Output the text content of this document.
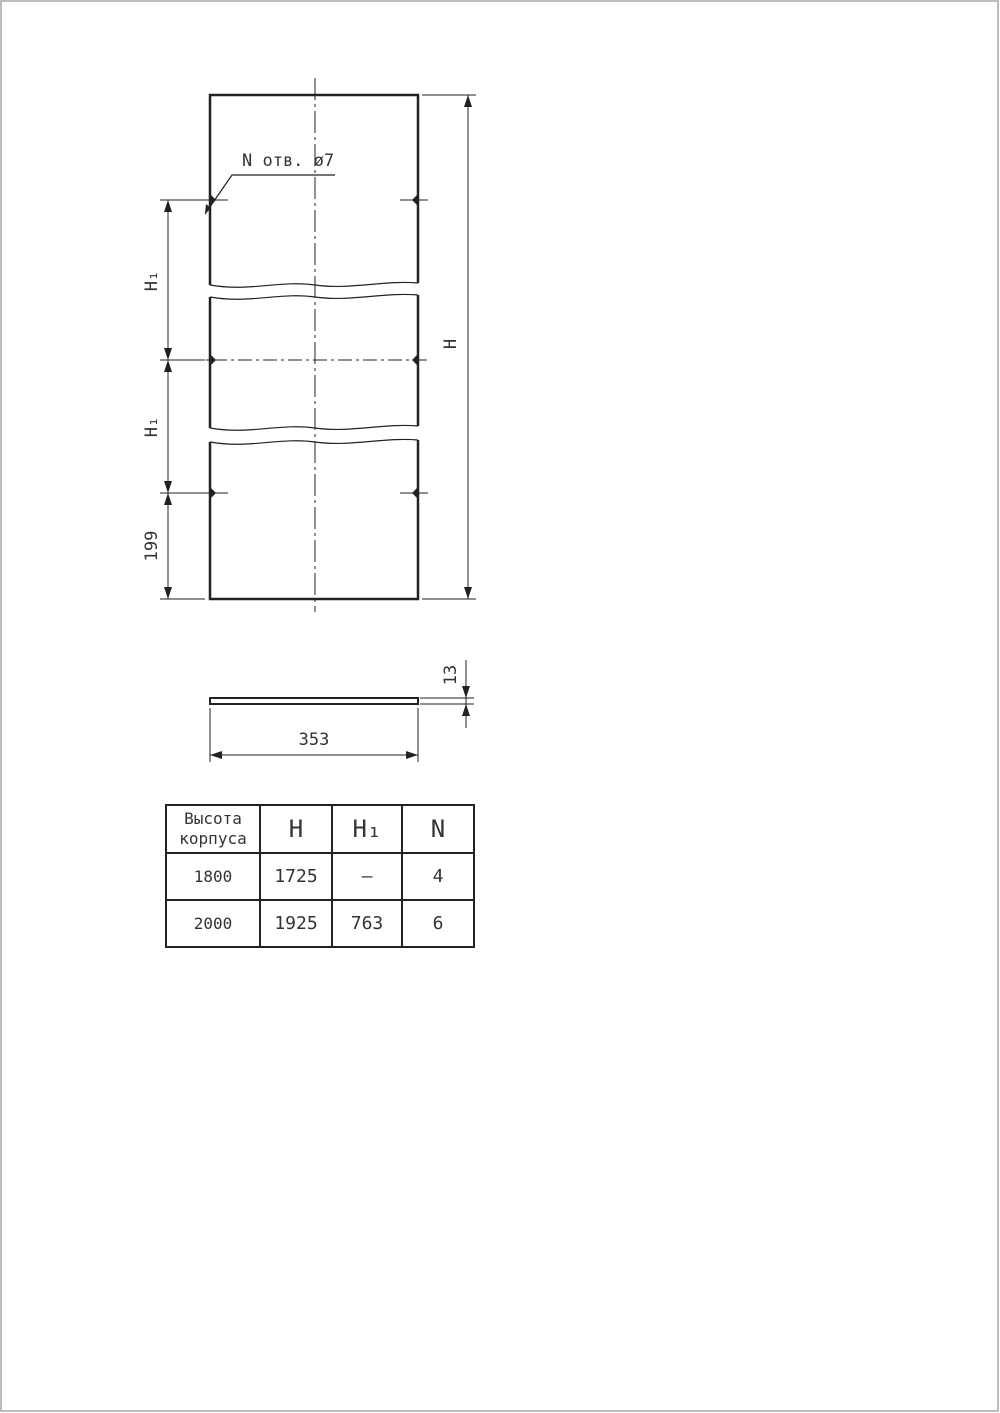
N отв. ø7
H₁
H₁
199
H
353
13
Высота корпуса	H	H₁	N
1800	1725	–	4
2000	1925	763	6
